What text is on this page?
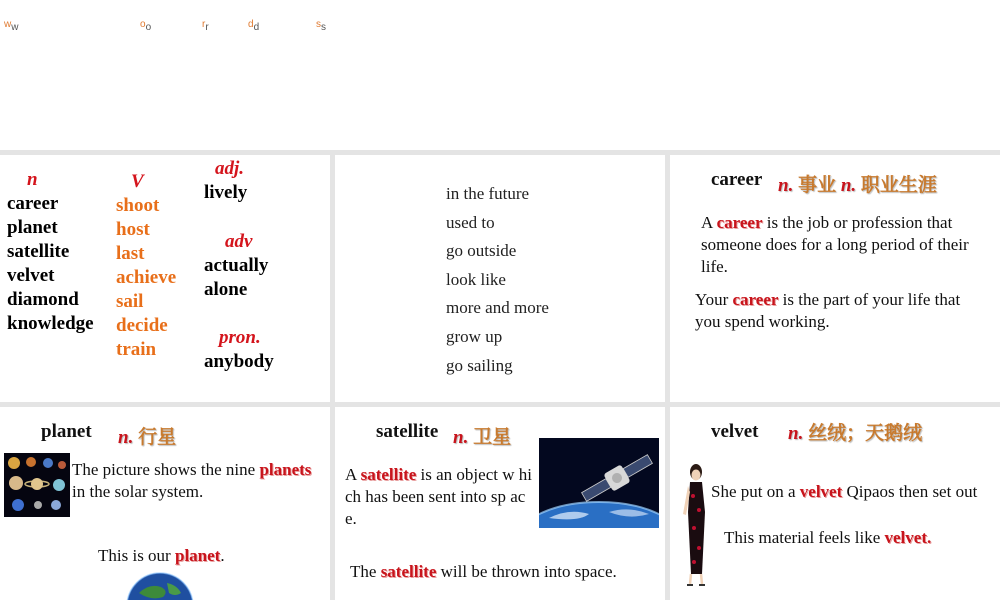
ww	oo	rr	dd	ss
n
career
planet
satellite
velvet
diamond
knowledge
V
shoot
host
last
achieve
sail
decide
train
adj.
lively
adv
actually
alone
pron.
anybody
in the future
used to
go outside
look like
more and more
grow up
go sailing
career n. 事业 n. 职业生涯
A career is the job or profession that someone does for a long period of their life.
Your career is the part of your life that you spend working.
planet n. 行星
The picture shows the nine planets in the solar system.
This is our planet.
satellite n. 卫星
A satellite is an object w hich has been sent into sp ace.
The satellite will be thrown into space.
velvet n. 丝绒；天鹅绒
She put on a velvet Qipaos then set out
This material feels like velvet.
